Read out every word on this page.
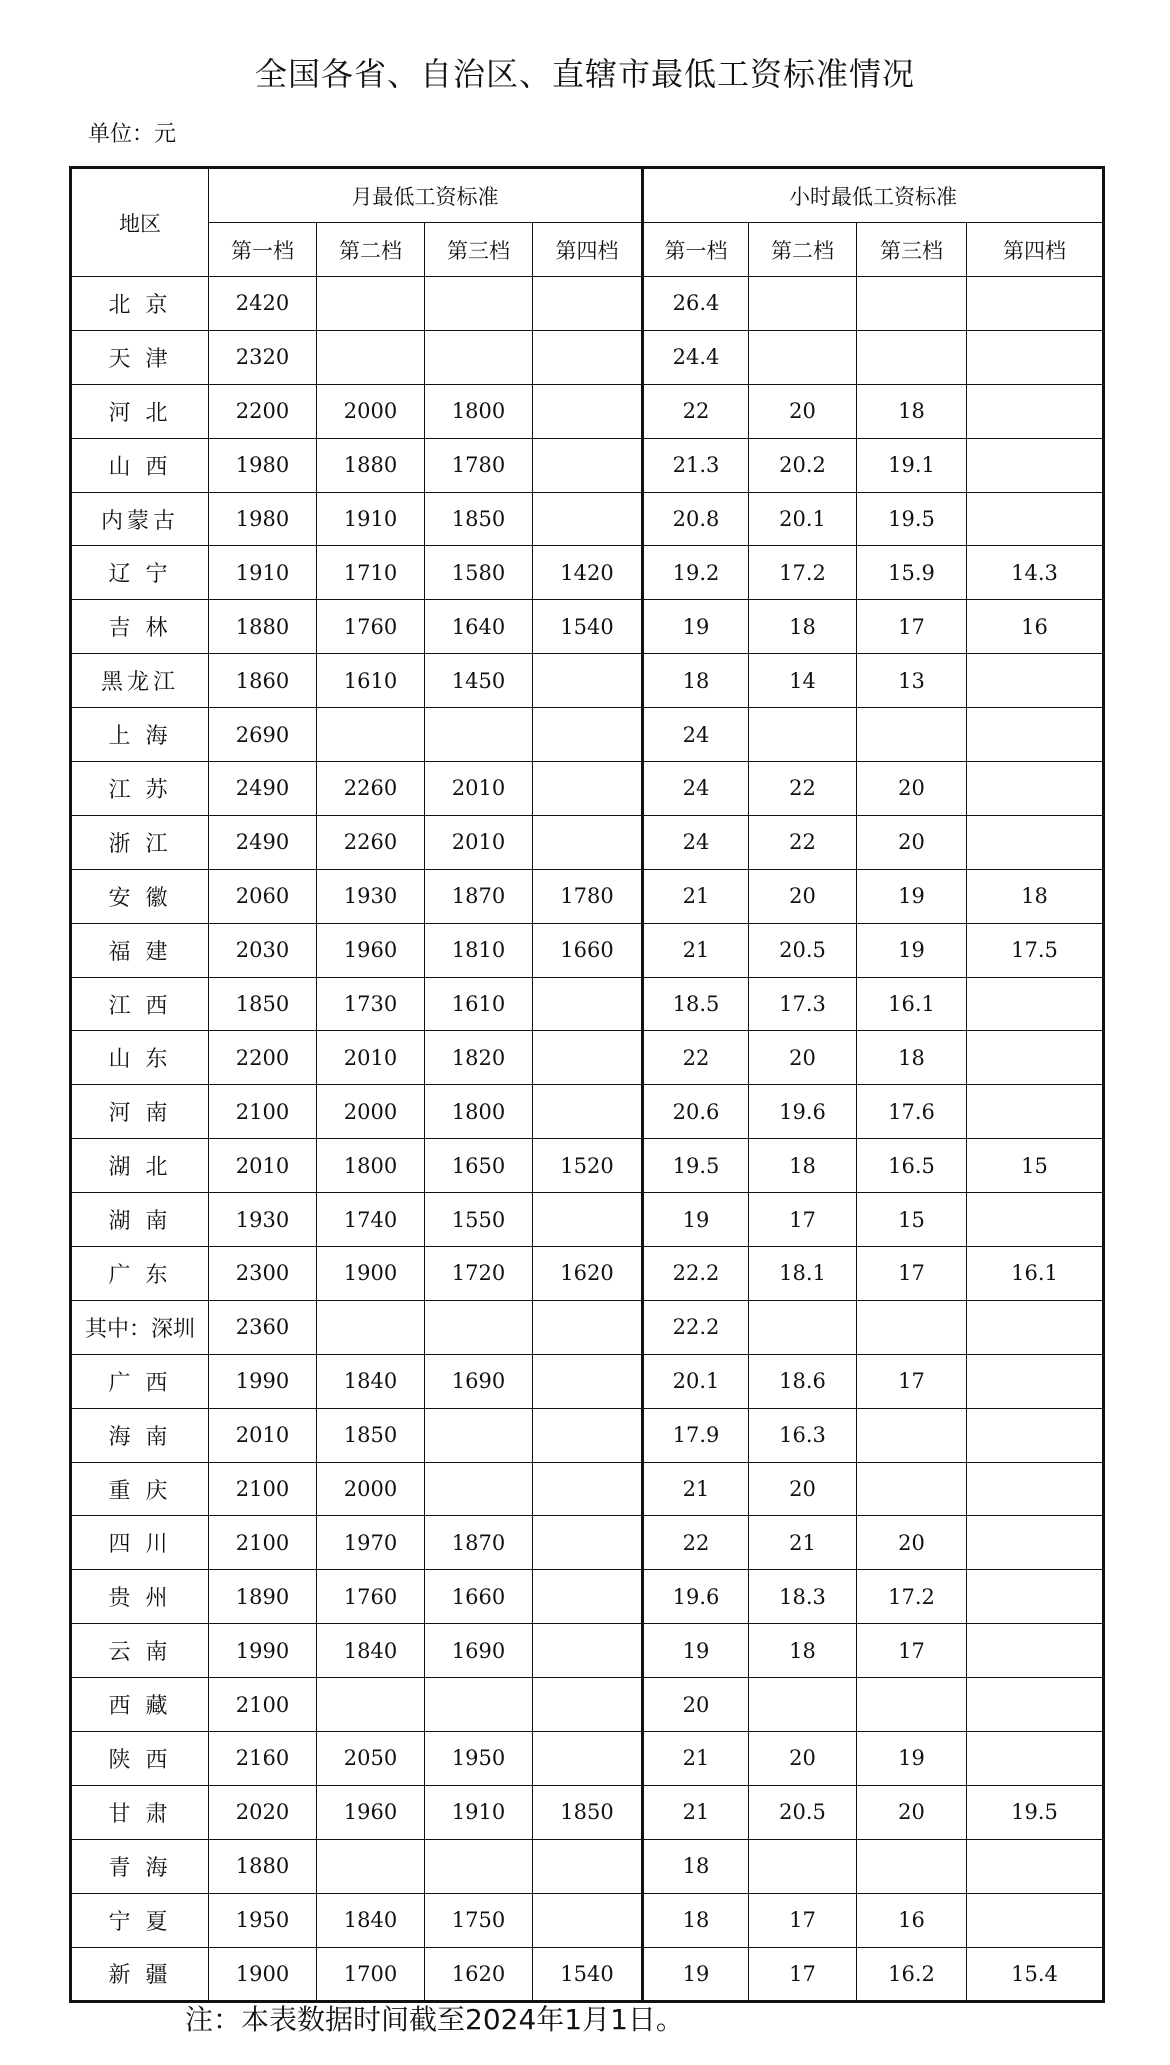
全国各省、自治区、直辖市最低工资标准情况
单位：元
地区	月最低工资标准				小时最低工资标准			
	第一档	第二档	第三档	第四档	第一档	第二档	第三档	第四档
北 京	2420				26.4			
天 津	2320				24.4			
河 北	2200	2000	1800		22	20	18	
山 西	1980	1880	1780		21.3	20.2	19.1	
内蒙古	1980	1910	1850		20.8	20.1	19.5	
辽 宁	1910	1710	1580	1420	19.2	17.2	15.9	14.3
吉 林	1880	1760	1640	1540	19	18	17	16
黑龙江	1860	1610	1450		18	14	13	
上 海	2690				24			
江 苏	2490	2260	2010		24	22	20	
浙 江	2490	2260	2010		24	22	20	
安 徽	2060	1930	1870	1780	21	20	19	18
福 建	2030	1960	1810	1660	21	20.5	19	17.5
江 西	1850	1730	1610		18.5	17.3	16.1	
山 东	2200	2010	1820		22	20	18	
河 南	2100	2000	1800		20.6	19.6	17.6	
湖 北	2010	1800	1650	1520	19.5	18	16.5	15
湖 南	1930	1740	1550		19	17	15	
广 东	2300	1900	1720	1620	22.2	18.1	17	16.1
其中：深圳	2360				22.2			
广 西	1990	1840	1690		20.1	18.6	17	
海 南	2010	1850			17.9	16.3		
重 庆	2100	2000			21	20		
四 川	2100	1970	1870		22	21	20	
贵 州	1890	1760	1660		19.6	18.3	17.2	
云 南	1990	1840	1690		19	18	17	
西 藏	2100				20			
陕 西	2160	2050	1950		21	20	19	
甘 肃	2020	1960	1910	1850	21	20.5	20	19.5
青 海	1880				18			
宁 夏	1950	1840	1750		18	17	16	
新 疆	1900	1700	1620	1540	19	17	16.2	15.4
注：本表数据时间截至2024年1月1日。
